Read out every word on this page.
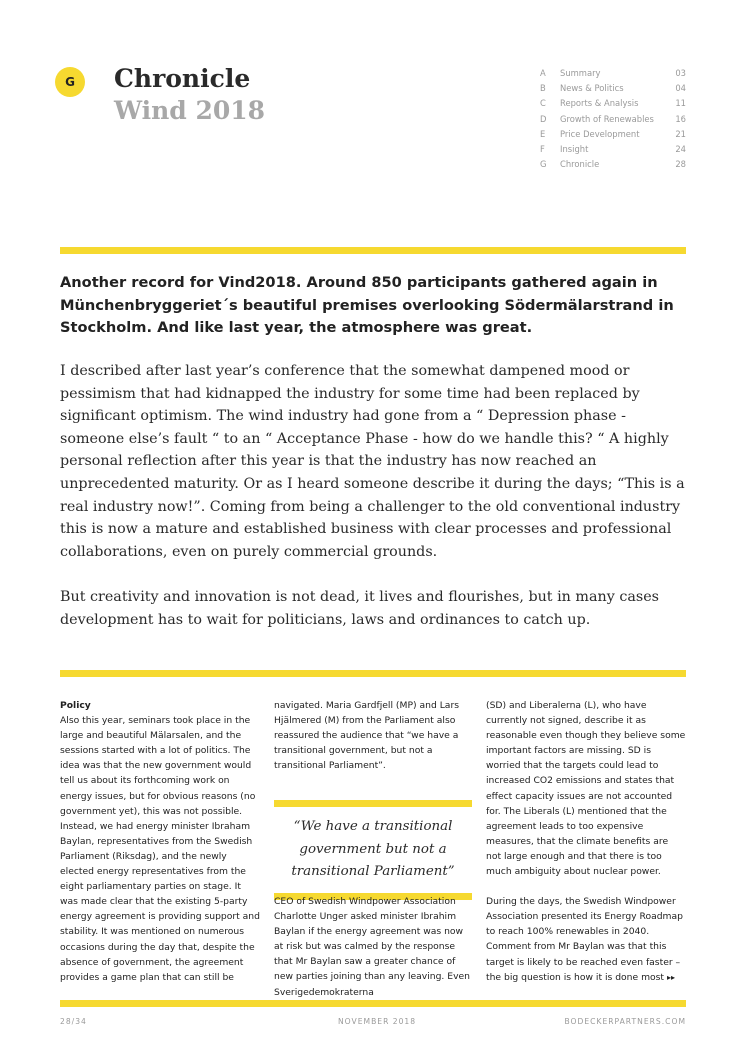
G	Chronicle
Wind 2018
A Summary	03
B News & Politics	04
C Reports & Analysis	11
D Growth of Renewables	16
E Price Development	21
F Insight	24
G Chronicle	28
Another record for Vind2018. Around 850 participants gathered again in Münchenbryggeriet´s beautiful premises overlooking Södermälarstrand in Stockholm. And like last year, the atmosphere was great.
I described after last year’s conference that the somewhat dampened mood or pessimism that had kidnapped the industry for some time had been replaced by significant optimism. The wind industry had gone from a “ Depression phase - someone else’s fault “ to an “ Acceptance Phase - how do we handle this? “ A highly personal reflection after this year is that the industry has now reached an unprecedented maturity. Or as I heard someone describe it during the days; “This is a real industry now!”. Coming from being a challenger to the old conventional industry this is now a mature and established business with clear processes and professional collaborations, even on purely commercial grounds.
But creativity and innovation is not dead, it lives and flourishes, but in many cases development has to wait for politicians, laws and ordinances to catch up.

Policy

Also this year, seminars took place in the large and beautiful Mälarsalen, and the sessions started with a lot of politics. The idea was that the new government would tell us about its forthcoming work on energy issues, but for obvious reasons (no government yet), this was not possible. Instead, we had energy minister Ibraham Baylan, representatives from the Swedish Parliament (Riksdag), and the newly elected energy representatives from the eight parliamentary parties on stage. It was made clear that the existing 5-party energy agreement is providing support and stability. It was mentioned on numerous occasions during the day that, despite the absence of government, the agreement provides a game plan that can still be

navigated. Maria Gardfjell (MP) and Lars Hjälmered (M) from the Parliament also reassured the audience that “we have a transitional government, but not a transitional Parliament”.

“We have a transitional government but not a transitional Parliament”

CEO of Swedish Windpower Association Charlotte Unger asked minister Ibrahim Baylan if the energy agreement was now at risk but was calmed by the response that Mr Baylan saw a greater chance of new parties joining than any leaving. Even Sverigedemokraterna

(SD) and Liberalerna (L), who have currently not signed, describe it as reasonable even though they believe some important factors are missing. SD is worried that the targets could lead to increased CO2 emissions and states that effect capacity issues are not accounted for. The Liberals (L) mentioned that the agreement leads to too expensive measures, that the climate benefits are not large enough and that there is too much ambiguity about nuclear power.

During the days, the Swedish Windpower Association presented its Energy Roadmap to reach 100% renewables in 2040. Comment from Mr Baylan was that this target is likely to be reached even faster – the big question is how it is done most ▸▸

28/34	NOVEMBER 2018	BODECKERPARTNERS.COM
